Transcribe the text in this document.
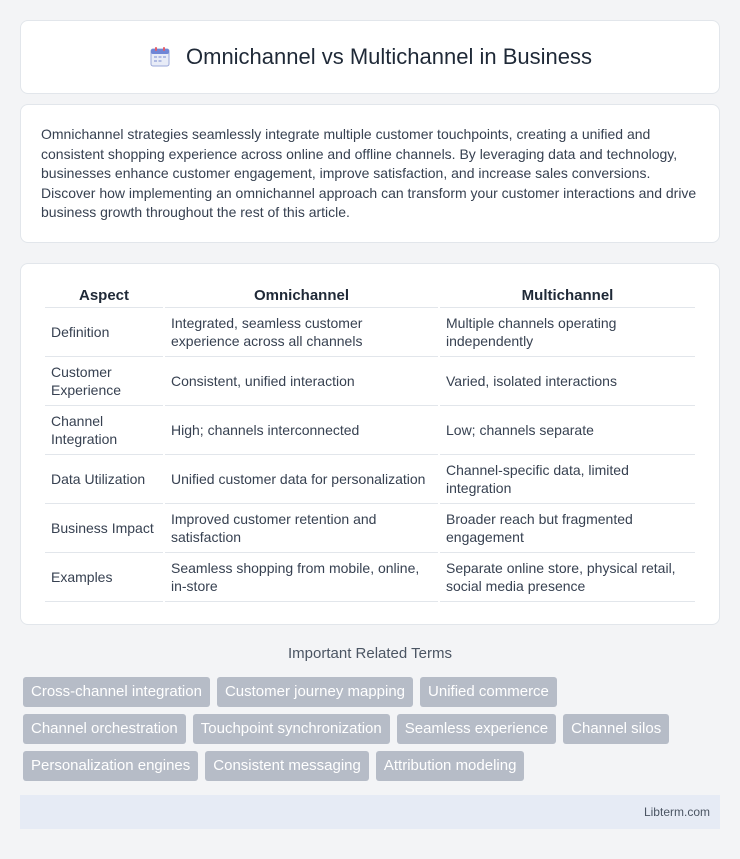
Omnichannel vs Multichannel in Business

Omnichannel strategies seamlessly integrate multiple customer touchpoints, creating a unified and consistent shopping experience across online and offline channels. By leveraging data and technology, businesses enhance customer engagement, improve satisfaction, and increase sales conversions. Discover how implementing an omnichannel approach can transform your customer interactions and drive business growth throughout the rest of this article.

Aspect	Omnichannel	Multichannel
Definition	Integrated, seamless customer experience across all channels	Multiple channels operating independently
Customer Experience	Consistent, unified interaction	Varied, isolated interactions
Channel Integration	High; channels interconnected	Low; channels separate
Data Utilization	Unified customer data for personalization	Channel-specific data, limited integration
Business Impact	Improved customer retention and satisfaction	Broader reach but fragmented engagement
Examples	Seamless shopping from mobile, online, in-store	Separate online store, physical retail, social media presence
Important Related Terms
Cross-channel integration	Customer journey mapping	Unified commerce
Channel orchestration	Touchpoint synchronization	Seamless experience	Channel silos
Personalization engines	Consistent messaging	Attribution modeling
Libterm.com
